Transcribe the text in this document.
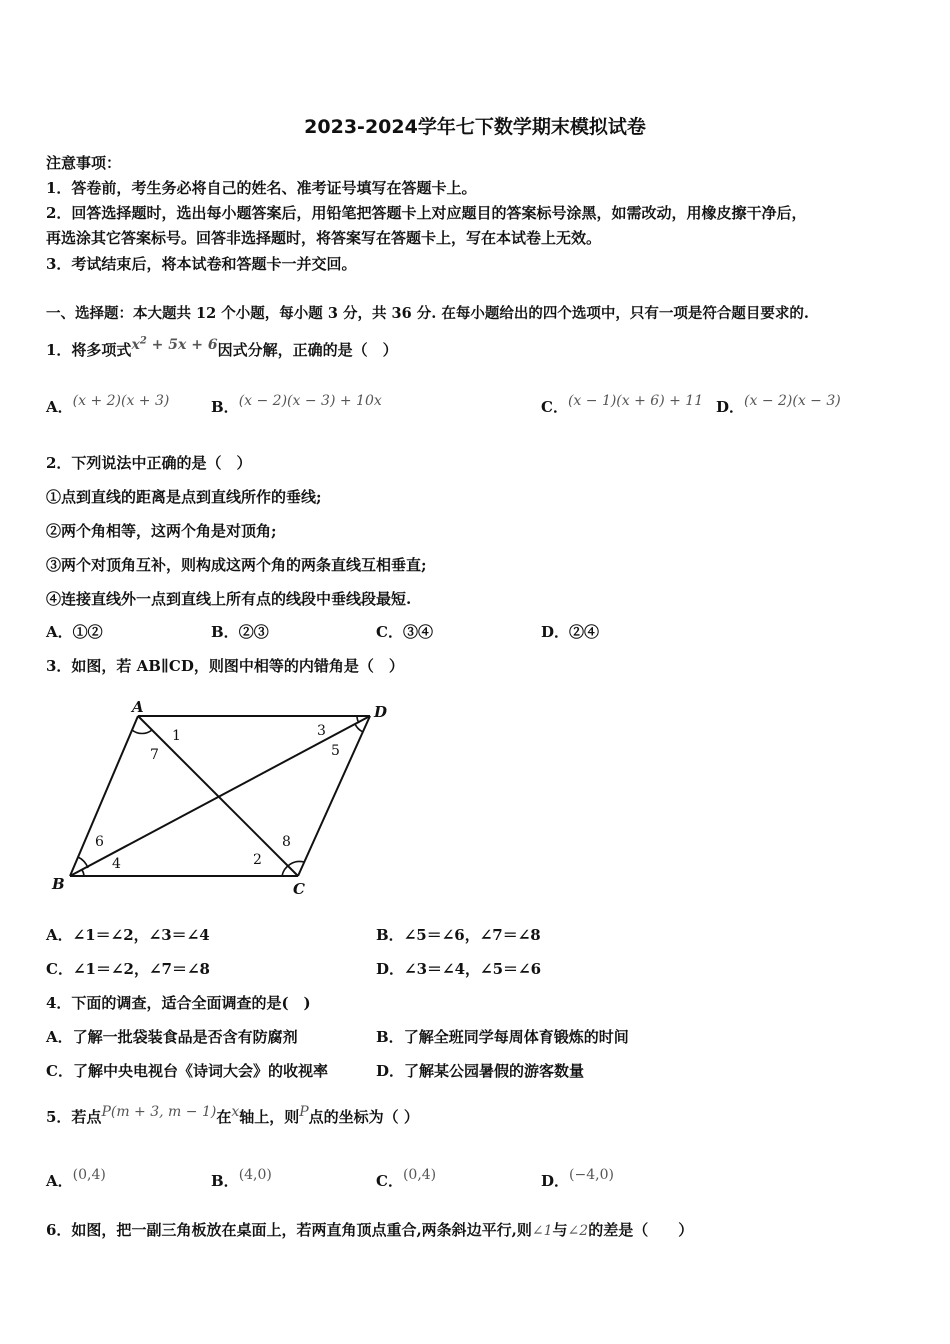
2023-2024学年七下数学期末模拟试卷
注意事项：
1．答卷前，考生务必将自己的姓名、准考证号填写在答题卡上。
2．回答选择题时，选出每小题答案后，用铅笔把答题卡上对应题目的答案标号涂黑，如需改动，用橡皮擦干净后，
再选涂其它答案标号。回答非选择题时，将答案写在答题卡上，写在本试卷上无效。
3．考试结束后，将本试卷和答题卡一并交回。
一、选择题：本大题共 12 个小题，每小题 3 分，共 36 分. 在每小题给出的四个选项中，只有一项是符合题目要求的.
1．将多项式$x^2 + 5x + 6$因式分解，正确的是（　）
A．(x + 2)(x + 3)	B．(x − 2)(x − 3) + 10x	C．(x − 1)(x + 6) + 11 D．(x − 2)(x − 3)
2．下列说法中正确的是（　）
①点到直线的距离是点到直线所作的垂线;
②两个角相等，这两个角是对顶角;
③两个对顶角互补，则构成这两个角的两条直线互相垂直;
④连接直线外一点到直线上所有点的线段中垂线段最短.
A．①②	B．②③	C．③④	D．②④
3．如图，若 AB∥CD，则图中相等的内错角是（　）
A
B	C
D
1
2
3
4
5
6
7
8
A．∠1＝∠2，∠3＝∠4	B．∠5＝∠6，∠7＝∠8
C．∠1＝∠2，∠7＝∠8	D．∠3＝∠4，∠5＝∠6
4．下面的调查，适合全面调查的是(　)
A．了解一批袋装食品是否含有防腐剂	B．了解全班同学每周体育锻炼的时间
C．了解中央电视台《诗词大会》的收视率	D．了解某公园暑假的游客数量
5．若点P(m + 3, m − 1)在x轴上，则P点的坐标为（ ）
A．(0,4)	B．(4,0)	C．(0,4)	D．(−4,0)
6．如图，把一副三角板放在桌面上，若两直角顶点重合,两条斜边平行,则∠1与∠2的差是（　　）
